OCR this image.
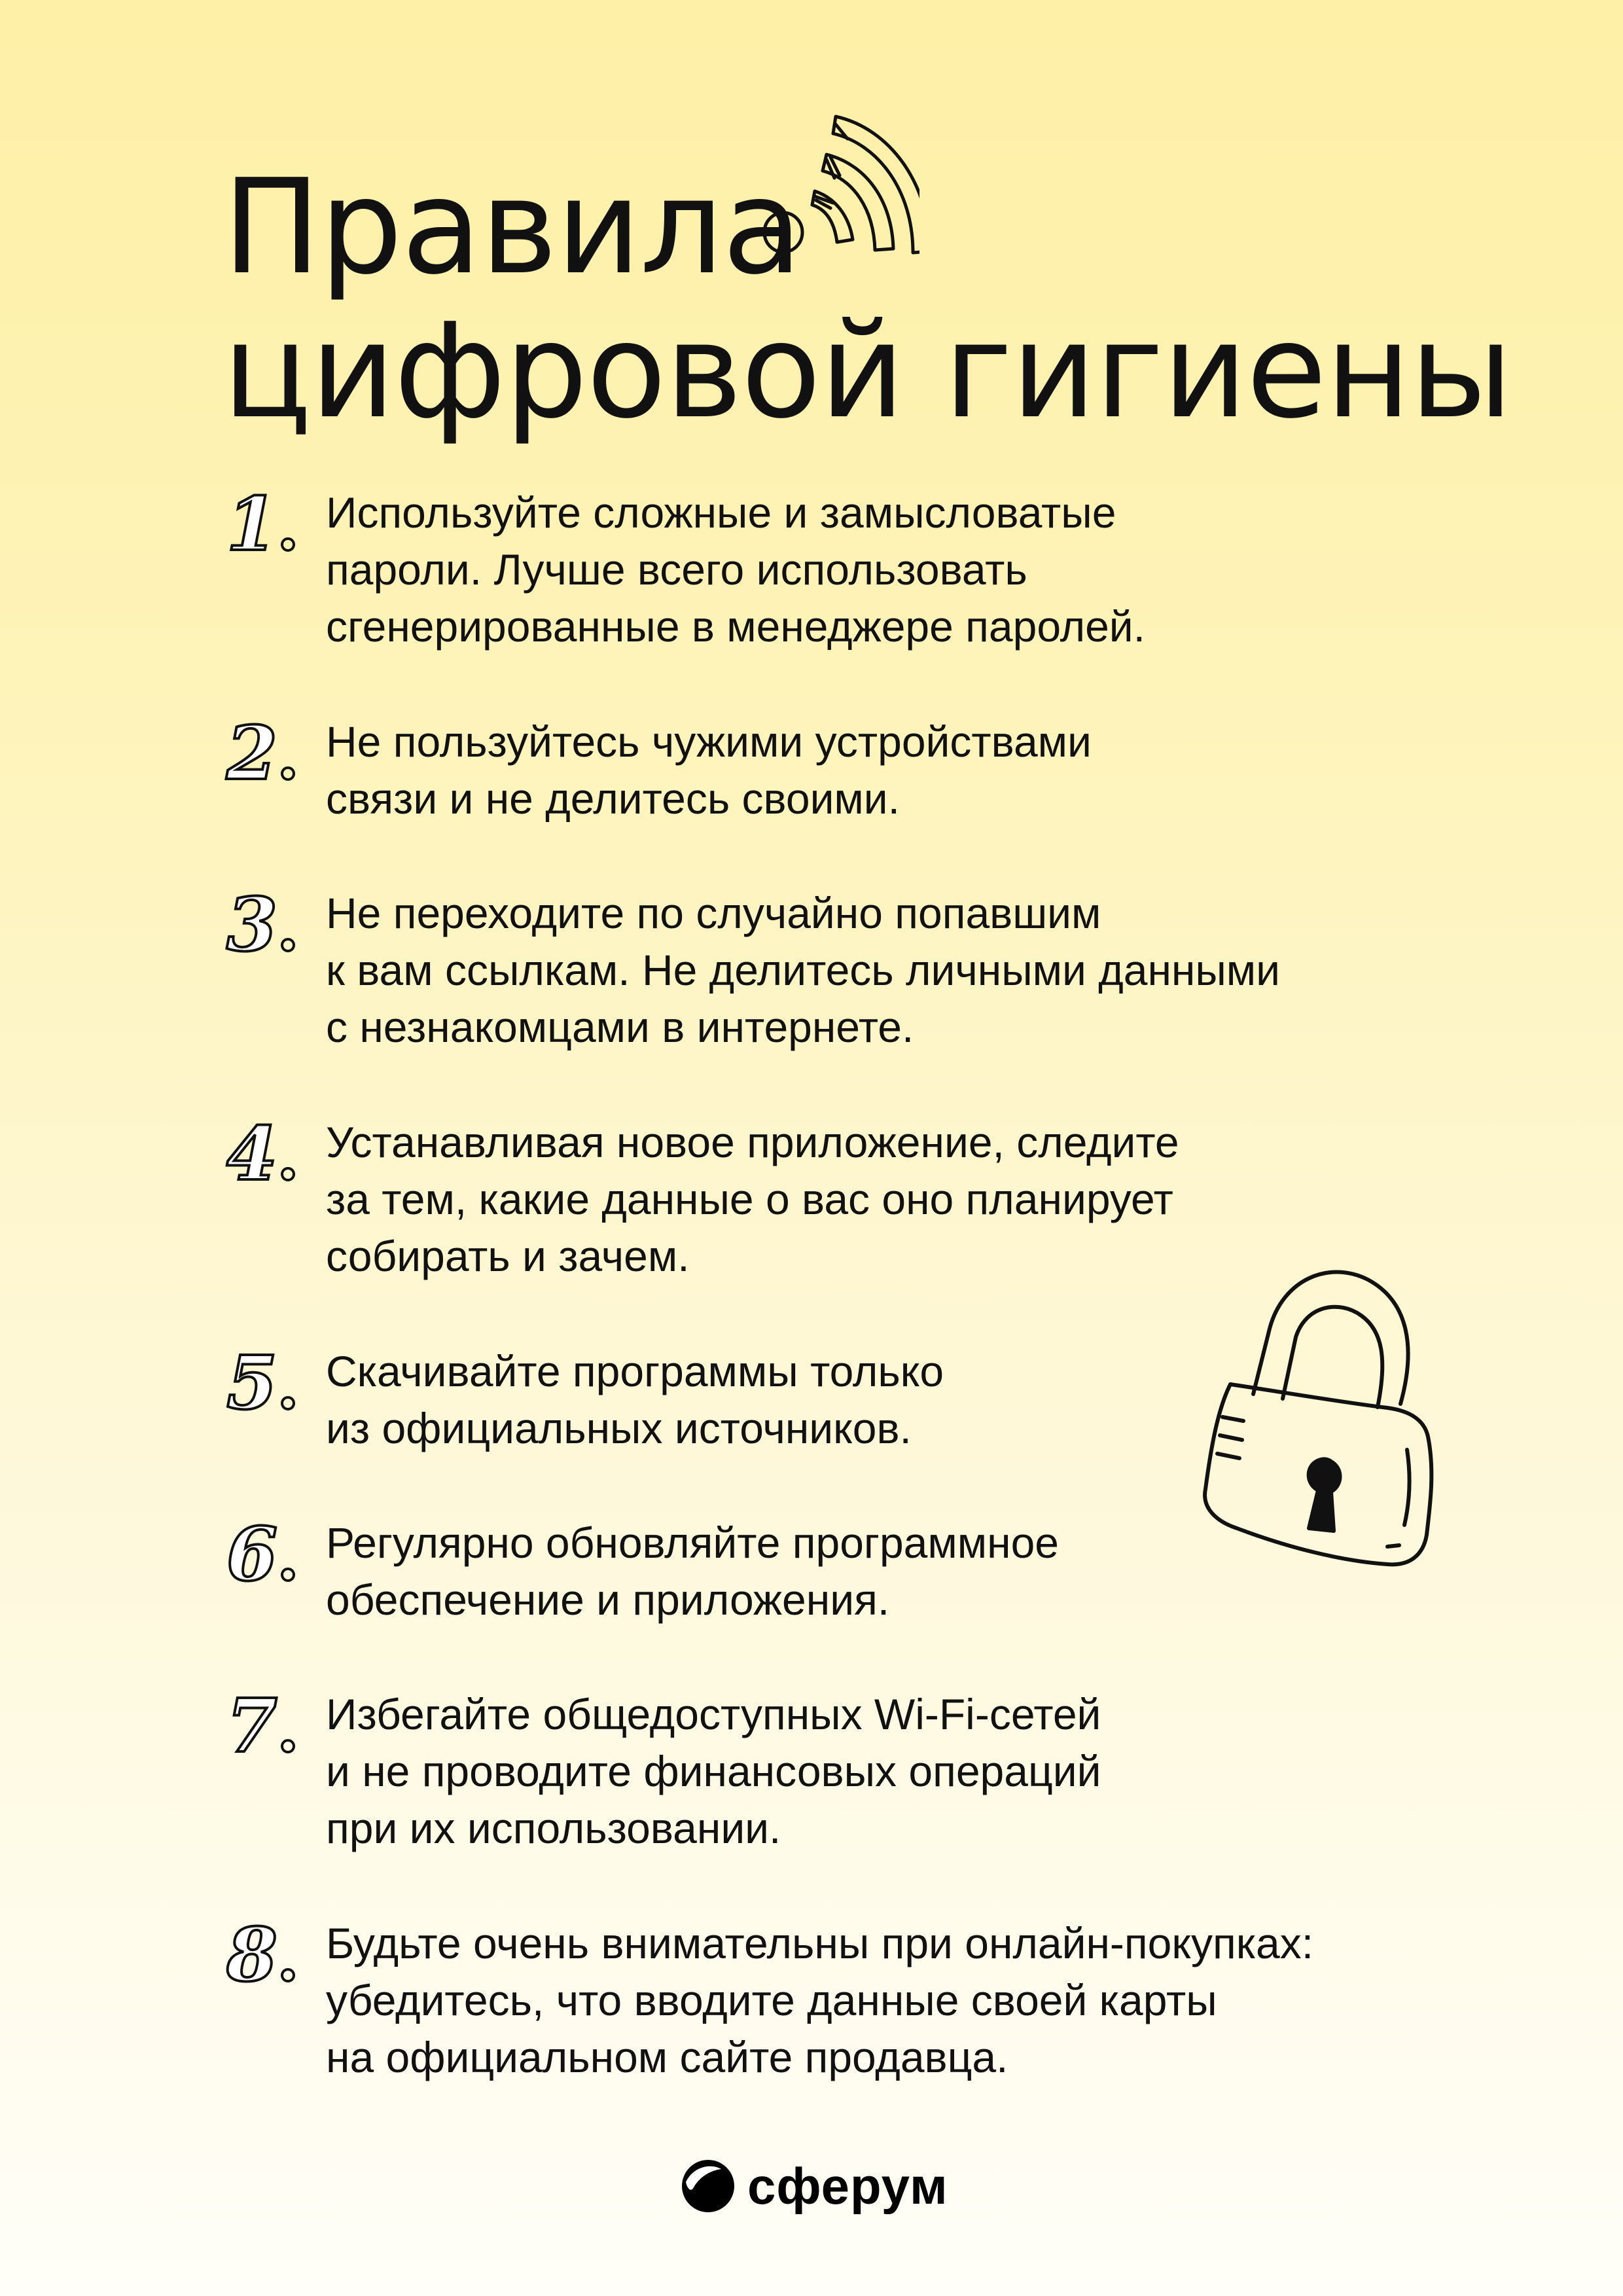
Правила
цифровой гигиены
1 Используйте сложные и замысловатые
пароли. Лучше всего использовать
сгенерированные в менеджере паролей.

2 Не пользуйтесь чужими устройствами
связи и не делитесь своими.

3 Не переходите по случайно попавшим
к вам ссылкам. Не делитесь личными данными
с незнакомцами в интернете.

4 Устанавливая новое приложение, следите
за тем, какие данные о вас оно планирует
собирать и зачем.

5 Скачивайте программы только
из официальных источников.

6 Регулярно обновляйте программное
обеспечение и приложения.

7 Избегайте общедоступных Wi-Fi-сетей
и не проводите финансовых операций
при их использовании.

8 Будьте очень внимательны при онлайн-покупках:
убедитесь, что вводите данные своей карты
на официальном сайте продавца.

сферум
